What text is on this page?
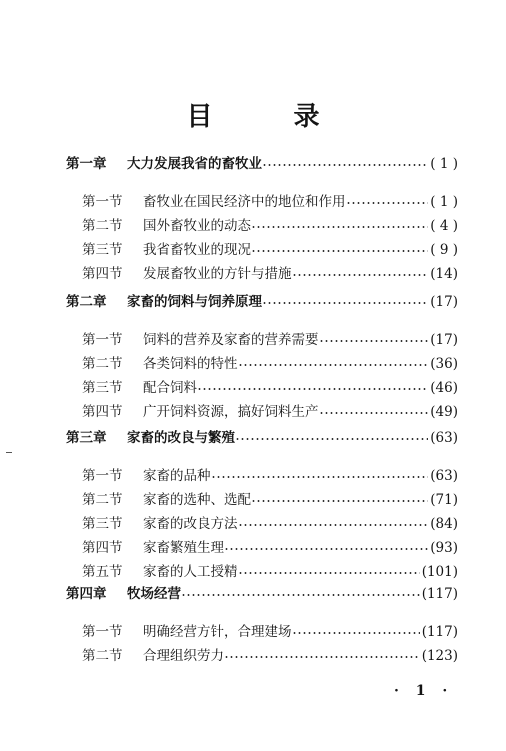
目 录
第一章 大力发展我省的畜牧业	( 1 )
第一节 畜牧业在国民经济中的地位和作用	( 1 )
第二节 国外畜牧业的动态	( 4 )
第三节 我省畜牧业的现况	( 9 )
第四节 发展畜牧业的方针与措施	(14)
第二章 家畜的饲料与饲养原理	(17)
第一节 饲料的营养及家畜的营养需要	(17)
第二节 各类饲料的特性	(36)
第三节 配合饲料	(46)
第四节 广开饲料资源，搞好饲料生产	(49)
第三章 家畜的改良与繁殖	(63)
第一节 家畜的品种	(63)
第二节 家畜的选种、选配	(71)
第三节 家畜的改良方法	(84)
第四节 家畜繁殖生理	(93)
第五节 家畜的人工授精	(101)
第四章 牧场经营	(117)
第一节 明确经营方针，合理建场	(117)
第二节 合理组织劳力	(123)
· 1 ·
